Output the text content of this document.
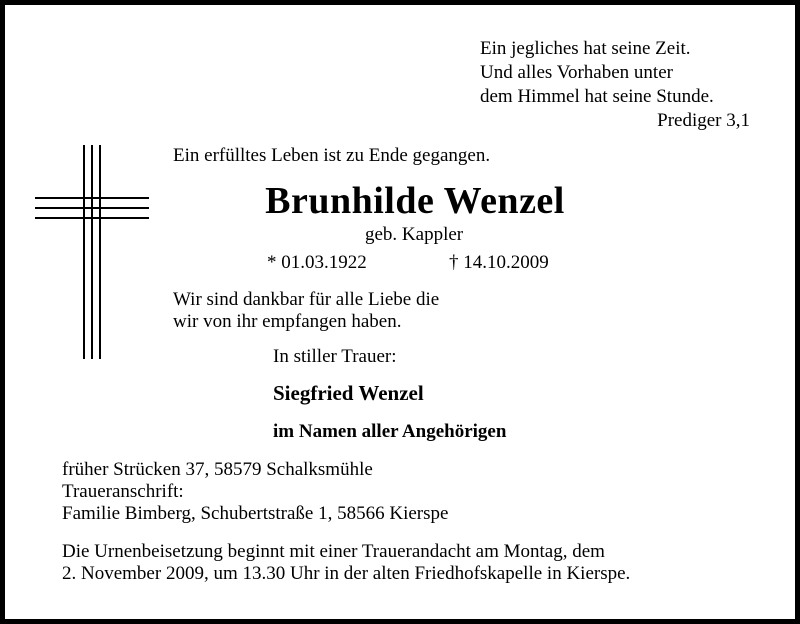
Ein jegliches hat seine Zeit.
Und alles Vorhaben unter
dem Himmel hat seine Stunde.
Prediger 3,1

Ein erfülltes Leben ist zu Ende gegangen.

Brunhilde Wenzel

geb. Kappler

* 01.03.1922	† 14.10.2009

Wir sind dankbar für alle Liebe die

wir von ihr empfangen haben.

In stiller Trauer:

Siegfried Wenzel

im Namen aller Angehörigen

früher Strücken 37, 58579 Schalksmühle

Traueranschrift:

Familie Bimberg, Schubertstraße 1, 58566 Kierspe

Die Urnenbeisetzung beginnt mit einer Trauerandacht am Montag, dem

2. November 2009, um 13.30 Uhr in der alten Friedhofskapelle in Kierspe.
